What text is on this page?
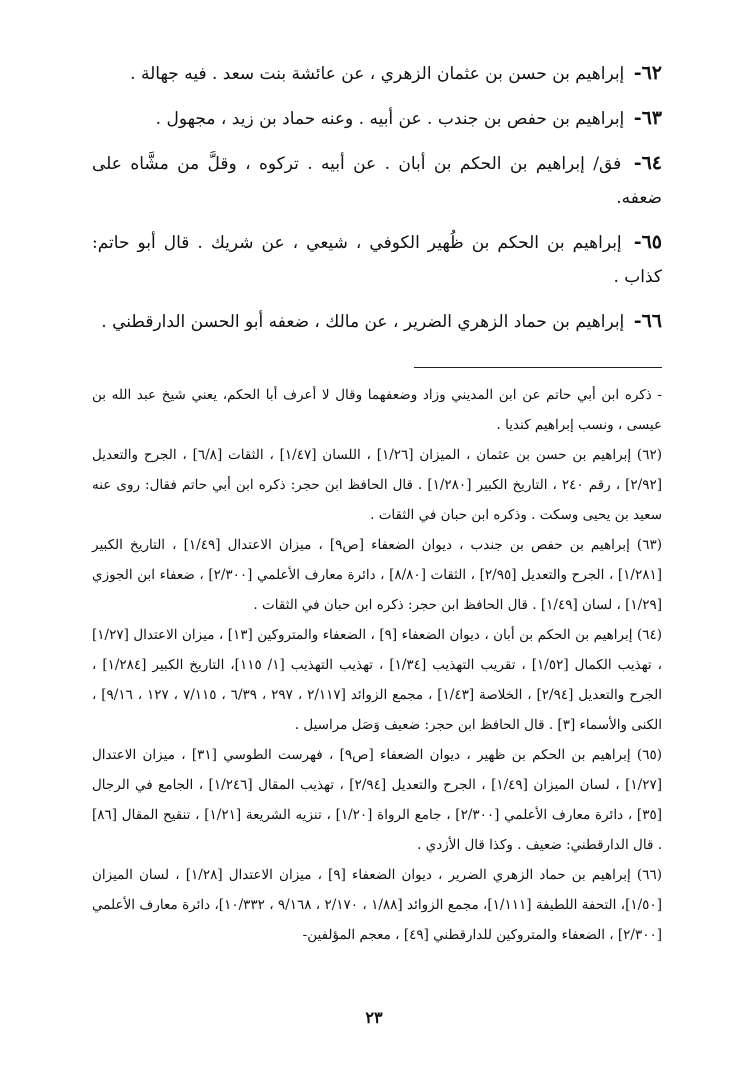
٦٢- إبراهيم بن حسن بن عثمان الزهري ، عن عائشة بنت سعد . فيه جهالة .

٦٣- إبراهيم بن حفص بن جندب . عن أبيه . وعنه حماد بن زيد ، مجهول .

٦٤- فق/ إبراهيم بن الحكم بن أبان . عن أبيه . تركوه ، وقلَّ من مشَّاه على ضعفه.

٦٥- إبراهيم بن الحكم بن ظُهير الكوفي ، شيعي ، عن شريك . قال أبو حاتم: كذاب .

٦٦- إبراهيم بن حماد الزهري الضرير ، عن مالك ، ضعفه أبو الحسن الدارقطني .

- ذكره ابن أبي حاتم عن ابن المديني وزاد وضعفهما وقال لا أعرف أبا الحكم، يعني شيخ عبد الله بن عيسى ، ونسب إبراهيم كنديا .

(٦٢) إبراهيم بن حسن بن عثمان ، الميزان [١/٢٦] ، اللسان [١/٤٧] ، الثقات [٦/٨] ، الجرح والتعديل [٢/٩٢] ، رقم ٢٤٠ ، التاريخ الكبير [١/٢٨٠] . قال الحافظ ابن حجر: ذكره ابن أبي حاتم فقال: روى عنه سعيد بن يحيى وسكت . وذكره ابن حبان في الثقات .

(٦٣) إبراهيم بن حفص بن جندب ، ديوان الضعفاء [ص٩] ، ميزان الاعتدال [١/٤٩] ، التاريخ الكبير [١/٢٨١] ، الجرح والتعديل [٢/٩٥] ، الثقات [٨/٨٠] ، دائرة معارف الأعلمي [٢/٣٠٠] ، ضعفاء ابن الجوزي [١/٢٩] ، لسان [١/٤٩] . قال الحافظ ابن حجر: ذكره ابن حبان في الثقات .

(٦٤) إبراهيم بن الحكم بن أبان ، ديوان الضعفاء [٩] ، الضعفاء والمتروكين [١٣] ، ميزان الاعتدال [١/٢٧] ، تهذيب الكمال [١/٥٢] ، تقريب التهذيب [١/٣٤] ، تهذيب التهذيب [١/ ١١٥]، التاريخ الكبير [١/٢٨٤] ، الجرح والتعديل [٢/٩٤] ، الخلاصة [١/٤٣] ، مجمع الزوائد [٢/١١٧ ، ٢٩٧ ، ٦/٣٩ ، ٧/١١٥ ، ١٢٧ ، ٩/١٦] ، الكنى والأسماء [٣] . قال الحافظ ابن حجر: ضعيف وَصَل مراسيل .

(٦٥) إبراهيم بن الحكم بن ظهير ، ديوان الضعفاء [ص٩] ، فهرست الطوسي [٣١] ، ميزان الاعتدال [١/٢٧] ، لسان الميزان [١/٤٩] ، الجرح والتعديل [٢/٩٤] ، تهذيب المقال [١/٢٤٦] ، الجامع في الرجال [٣٥] ، دائرة معارف الأعلمي [٢/٣٠٠] ، جامع الرواة [١/٢٠] ، تنزيه الشريعة [١/٢١] ، تنقيح المقال [٨٦] . قال الدارقطني: ضعيف . وكذا قال الأزدي .

(٦٦) إبراهيم بن حماد الزهري الضرير ، ديوان الضعفاء [٩] ، ميزان الاعتدال [١/٢٨] ، لسان الميزان [١/٥٠]، التحفة اللطيفة [١/١١١]، مجمع الزوائد [١/٨٨ ، ٢/١٧٠ ، ٩/١٦٨ ، ١٠/٣٣٢]، دائرة معارف الأعلمي [٢/٣٠٠] ، الضعفاء والمتروكين للدارقطني [٤٩] ، معجم المؤلفين-

٢٣
